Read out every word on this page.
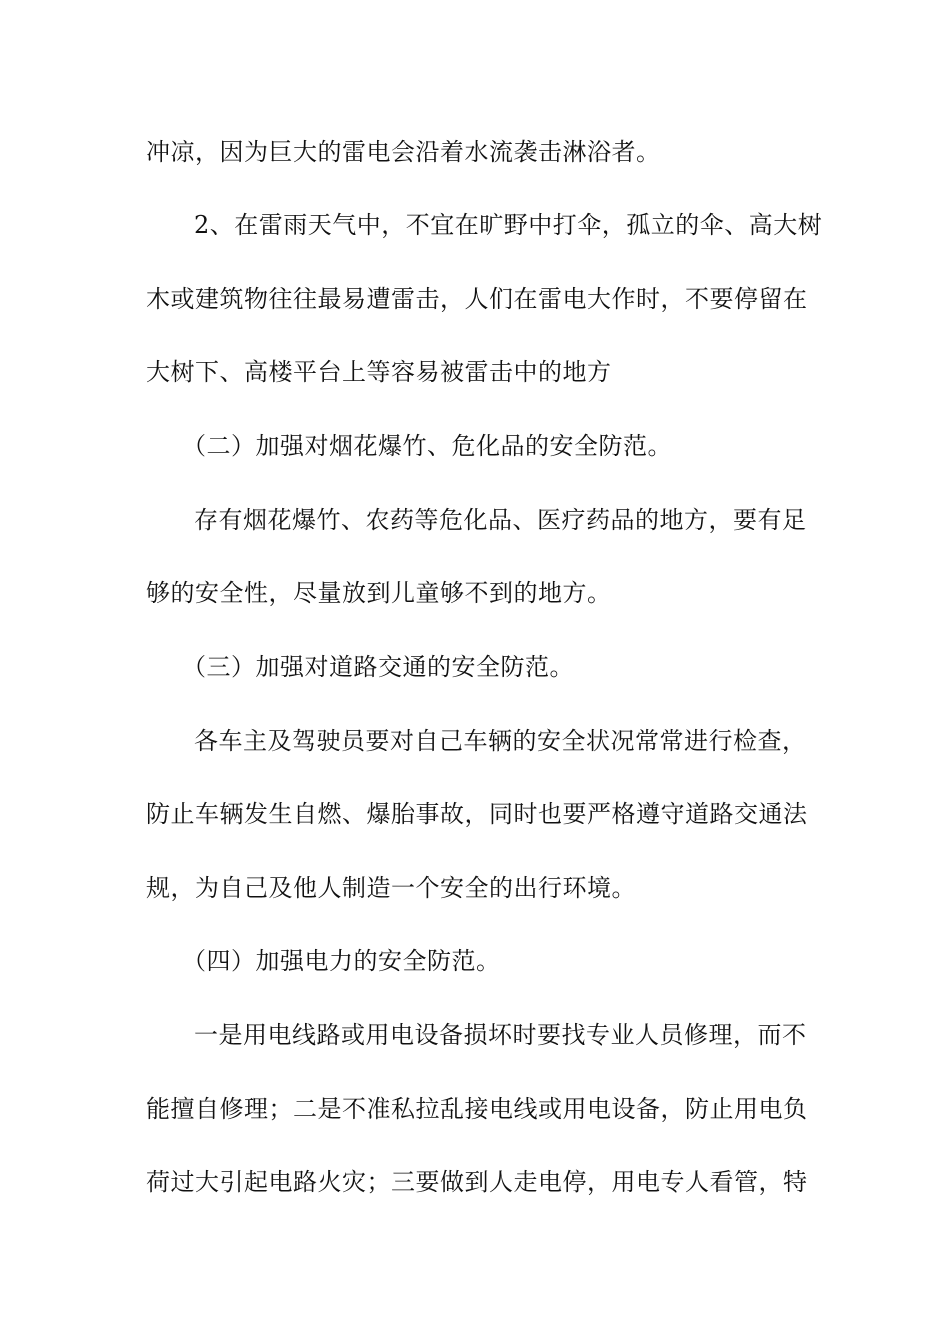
冲凉，因为巨大的雷电会沿着水流袭击淋浴者。
2、在雷雨天气中，不宜在旷野中打伞，孤立的伞、高大树
木或建筑物往往最易遭雷击，人们在雷电大作时，不要停留在
大树下、高楼平台上等容易被雷击中的地方
（二）加强对烟花爆竹、危化品的安全防范。
存有烟花爆竹、农药等危化品、医疗药品的地方，要有足
够的安全性，尽量放到儿童够不到的地方。
（三）加强对道路交通的安全防范。
各车主及驾驶员要对自己车辆的安全状况常常进行检查，
防止车辆发生自燃、爆胎事故，同时也要严格遵守道路交通法
规，为自己及他人制造一个安全的出行环境。
（四）加强电力的安全防范。
一是用电线路或用电设备损坏时要找专业人员修理，而不
能擅自修理；二是不准私拉乱接电线或用电设备，防止用电负
荷过大引起电路火灾；三要做到人走电停，用电专人看管，特
